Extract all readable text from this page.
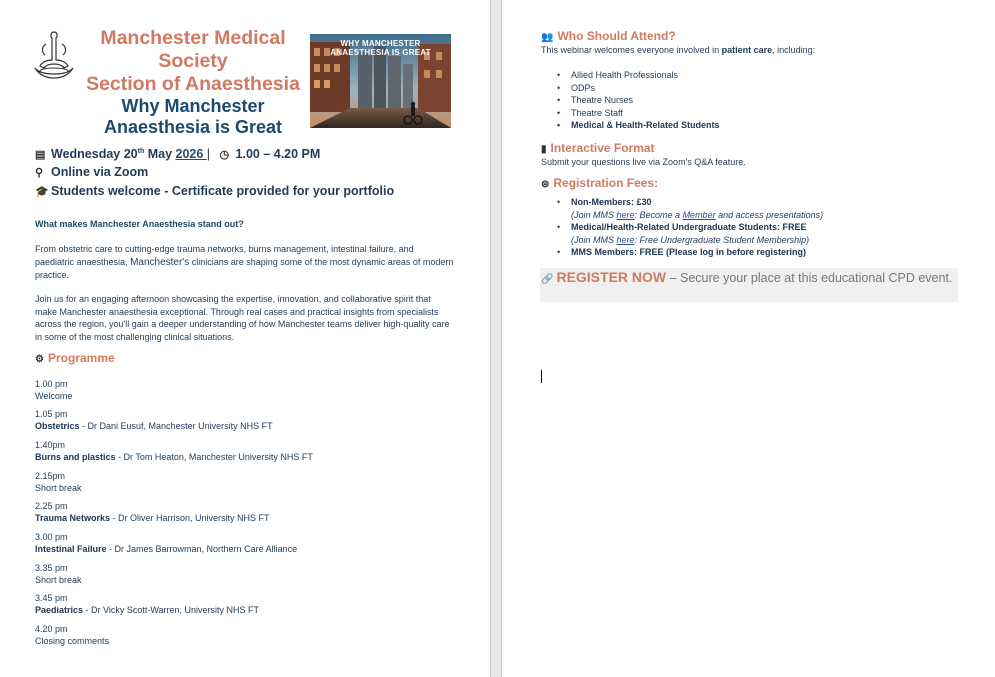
Manchester Medical
Society
Section of Anaesthesia
Why Manchester
Anaesthesia is Great
WHY MANCHESTER
ANAESTHESIA IS GREAT
▤ Wednesday 20th May 2026 | ◷ 1.00 – 4.20 PM
⚲ Online via Zoom
🎓 Students welcome - Certificate provided for your portfolio
What makes Manchester Anaesthesia stand out?
From obstetric care to cutting-edge trauma networks, burns management, intestinal failure, and paediatric anaesthesia, Manchester's clinicians are shaping some of the most dynamic areas of modern practice.
Join us for an engaging afternoon showcasing the expertise, innovation, and collaborative spirit that make Manchester anaesthesia exceptional. Through real cases and practical insights from specialists across the region, you'll gain a deeper understanding of how Manchester teams deliver high-quality care in some of the most challenging clinical situations.
⚙ Programme
1.00 pm
Welcome
1.05 pm
Obstetrics - Dr Dani Eusuf, Manchester University NHS FT
1.40pm
Burns and plastics - Dr Tom Heaton, Manchester University NHS FT
2.15pm
Short break
2.25 pm
Trauma Networks - Dr Oliver Harrison, University NHS FT
3.00 pm
Intestinal Failure - Dr James Barrowman, Northern Care Alliance
3.35 pm
Short break
3.45 pm
Paediatrics - Dr Vicky Scott-Warren, University NHS FT
4.20 pm
Closing comments
👥 Who Should Attend?
This webinar welcomes everyone involved in patient care, including:
• Allied Health Professionals
• ODPs
• Theatre Nurses
• Theatre Staff
• Medical & Health-Related Students
▮ Interactive Format
Submit your questions live via Zoom's Q&A feature.
⊜ Registration Fees:
• Non-Members: £30
(Join MMS here: Become a Member and access presentations)
• Medical/Health-Related Undergraduate Students: FREE
(Join MMS here: Free Undergraduate Student Membership)
• MMS Members: FREE (Please log in before registering)
🔗 REGISTER NOW – Secure your place at this educational CPD event.
